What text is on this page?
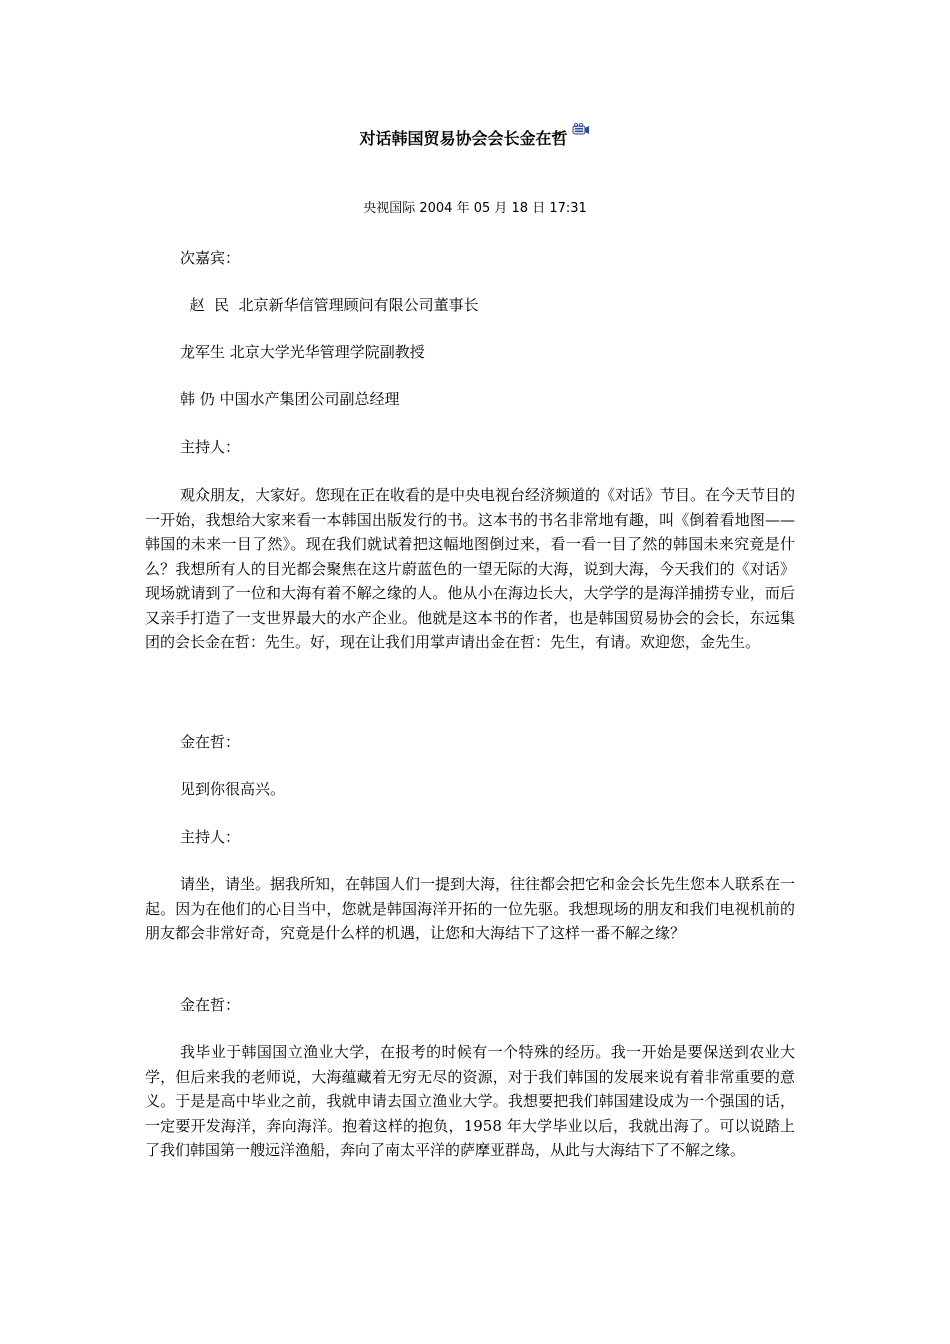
对话韩国贸易协会会长金在哲
央视国际 2004 年 05 月 18 日 17:31
次嘉宾：
赵  民  北京新华信管理顾问有限公司董事长
龙军生 北京大学光华管理学院副教授
韩 仍 中国水产集团公司副总经理
主持人：

观众朋友，大家好。您现在正在收看的是中央电视台经济频道的《对话》节目。在今天节目的一开始，我想给大家来看一本韩国出版发行的书。这本书的书名非常地有趣，叫《倒着看地图——韩国的未来一目了然》。现在我们就试着把这幅地图倒过来，看一看一目了然的韩国未来究竟是什么？我想所有人的目光都会聚焦在这片蔚蓝色的一望无际的大海，说到大海，今天我们的《对话》现场就请到了一位和大海有着不解之缘的人。他从小在海边长大，大学学的是海洋捕捞专业，而后又亲手打造了一支世界最大的水产企业。他就是这本书的作者，也是韩国贸易协会的会长，东远集团的会长金在哲：先生。好，现在让我们用掌声请出金在哲：先生，有请。欢迎您，金先生。

金在哲：
见到你很高兴。
主持人：

请坐，请坐。据我所知，在韩国人们一提到大海，往往都会把它和金会长先生您本人联系在一起。因为在他们的心目当中，您就是韩国海洋开拓的一位先驱。我想现场的朋友和我们电视机前的朋友都会非常好奇，究竟是什么样的机遇，让您和大海结下了这样一番不解之缘？

金在哲：

我毕业于韩国国立渔业大学，在报考的时候有一个特殊的经历。我一开始是要保送到农业大学，但后来我的老师说，大海蕴藏着无穷无尽的资源，对于我们韩国的发展来说有着非常重要的意义。于是是高中毕业之前，我就申请去国立渔业大学。我想要把我们韩国建设成为一个强国的话，一定要开发海洋，奔向海洋。抱着这样的抱负，1958 年大学毕业以后，我就出海了。可以说踏上了我们韩国第一艘远洋渔船，奔向了南太平洋的萨摩亚群岛，从此与大海结下了不解之缘。
